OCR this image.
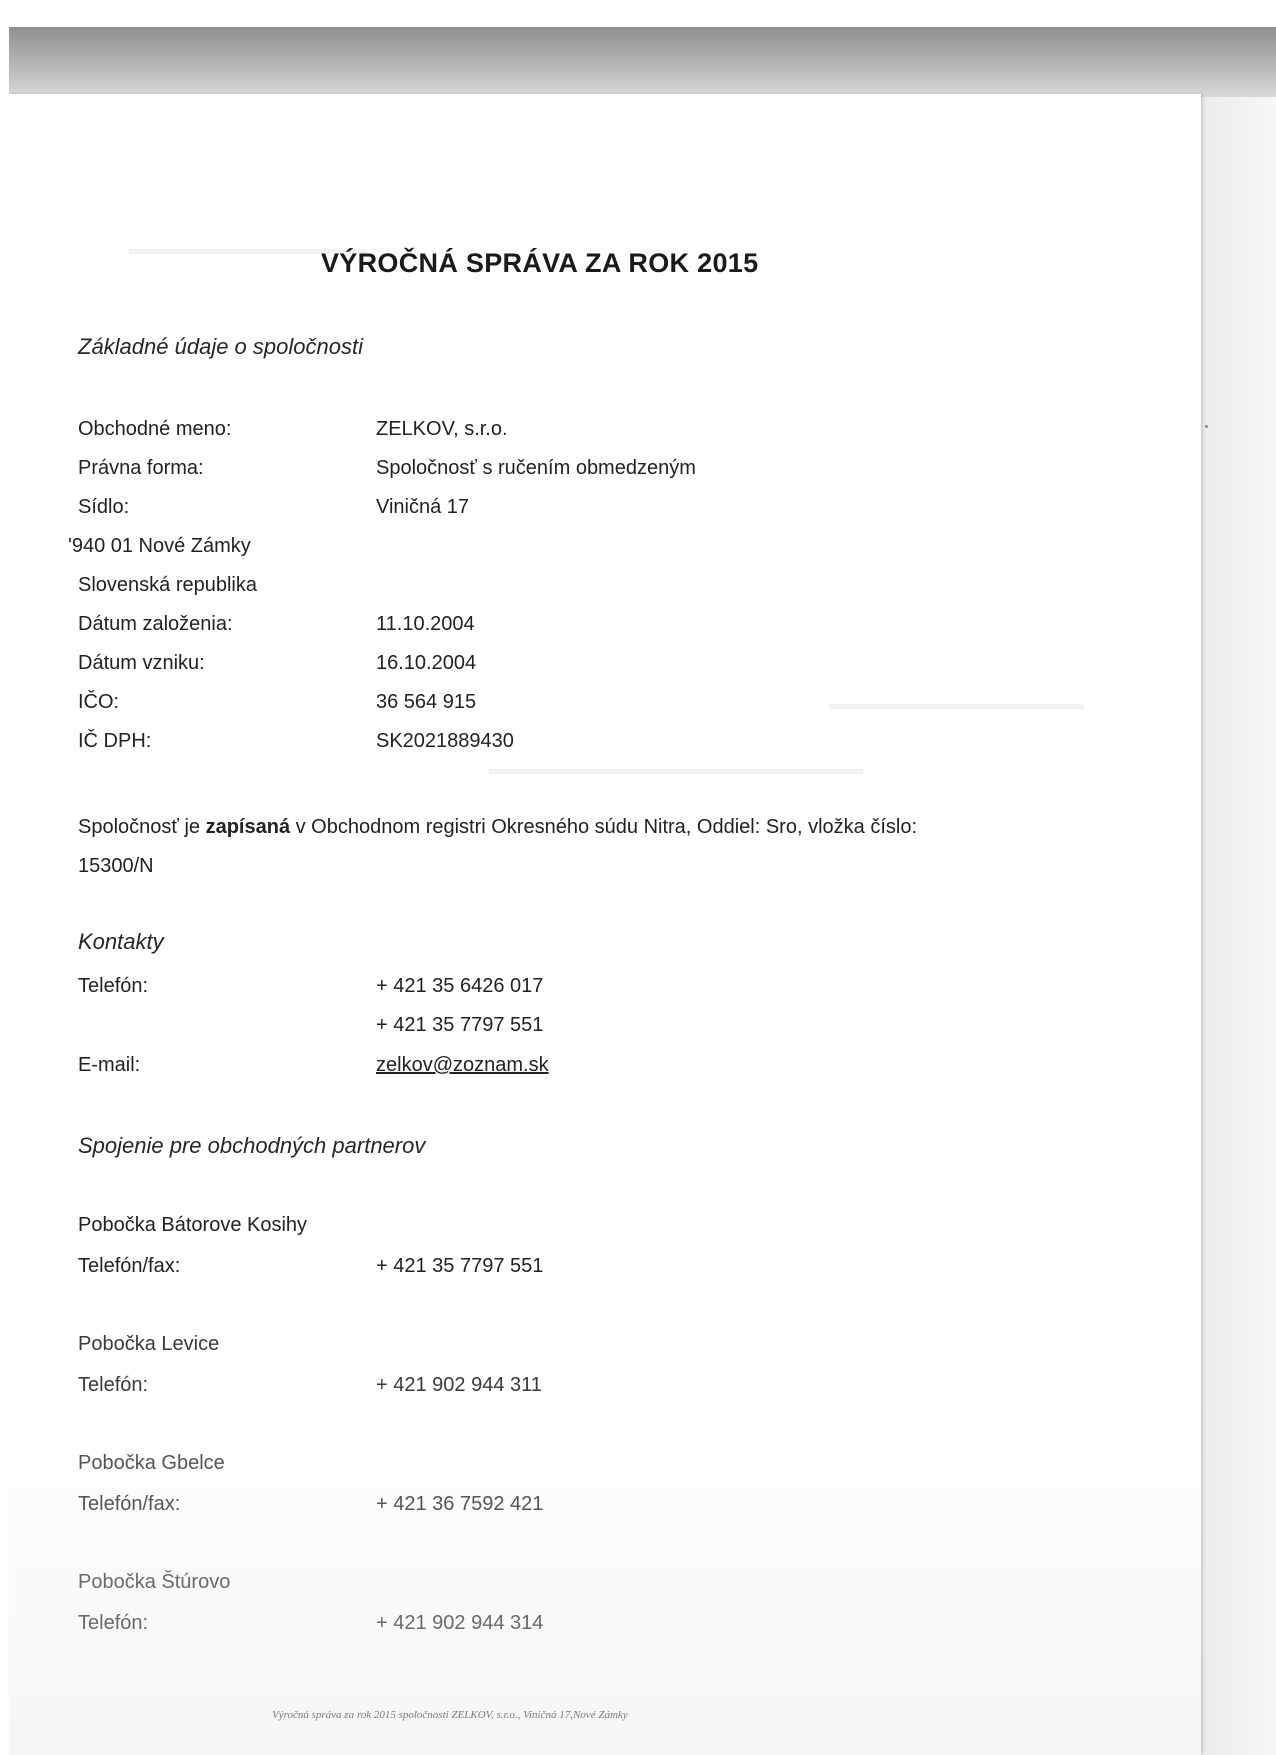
▬▬▬▬▬▬▬▬▬▬▬▬▬▬
▬▬▬▬▬▬▬▬▬▬▬▬▬▬▬
▬▬▬▬▬▬▬▬▬▬▬▬▬▬▬▬▬▬▬▬▬▬
VÝROČNÁ SPRÁVA ZA ROK 2015
Základné údaje o spoločnosti
Obchodné meno:	ZELKOV, s.r.o.
Právna forma:	Spoločnosť s ručením obmedzeným
Sídlo:	Viničná 17
'940 01 Nové Zámky
Slovenská republika
Dátum založenia:	11.10.2004
Dátum vzniku:	16.10.2004
IČO:	36 564 915
IČ DPH:	SK2021889430
Spoločnosť je zapísaná v Obchodnom registri Okresného súdu Nitra, Oddiel: Sro, vložka číslo: 15300/N
Kontakty
Telefón:	+ 421 35 6426 017
+ 421 35 7797 551
E-mail:	zelkov@zoznam.sk
Spojenie pre obchodných partnerov
Pobočka Bátorove Kosihy
Telefón/fax:	+ 421 35 7797 551
Pobočka Levice
Telefón:	+ 421 902 944 311
Pobočka Gbelce
Telefón/fax:	+ 421 36 7592 421
Pobočka Štúrovo
Telefón:	+ 421 902 944 314
Výročná správa za rok 2015 spoločnosti ZELKOV, s.r.o., Viničná 17,Nové Zámky
